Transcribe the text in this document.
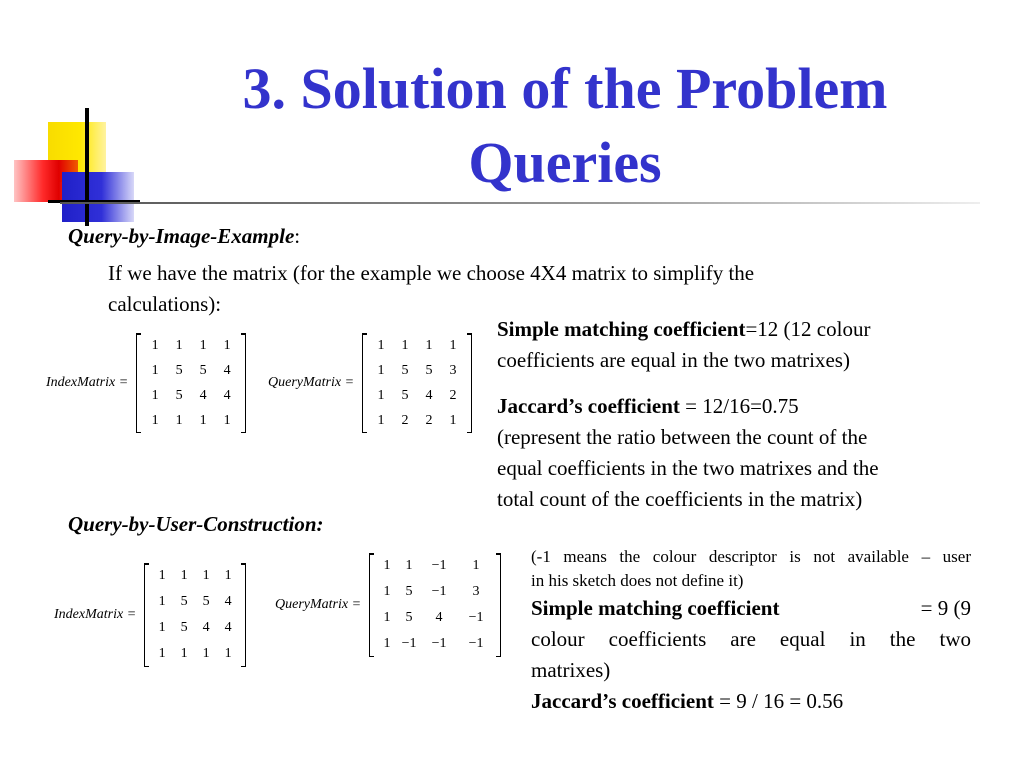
3. Solution of the Problem
Queries
Query-by-Image-Example:
If we have the matrix (for the example we choose 4X4 matrix to simplify the
calculations):
IndexMatrix =
1	1	1	1
1	5	5	4
1	5	4	4
1	1	1	1
QueryMatrix =
1	1	1	1
1	5	5	3
1	5	4	2
1	2	2	1
Simple matching coefficient=12 (12 colour
coefficients are equal in the two matrixes)
Jaccard’s coefficient = 12/16=0.75
(represent the ratio between the count of the
equal coefficients in the two matrixes and the
total count of the coefficients in the matrix)
Query-by-User-Construction:
IndexMatrix =
1	1	1	1
1	5	5	4
1	5	4	4
1	1	1	1
QueryMatrix =
1	1	−1	1
1	5	−1	3
1	5	4	−1
1	−1	−1	−1
(-1 means the colour descriptor is not available – user
in his sketch does not define it)
Simple matching coefficient	= 9 (9
colour coefficients are equal in the two
matrixes)
Jaccard’s coefficient = 9 / 16 = 0.56
